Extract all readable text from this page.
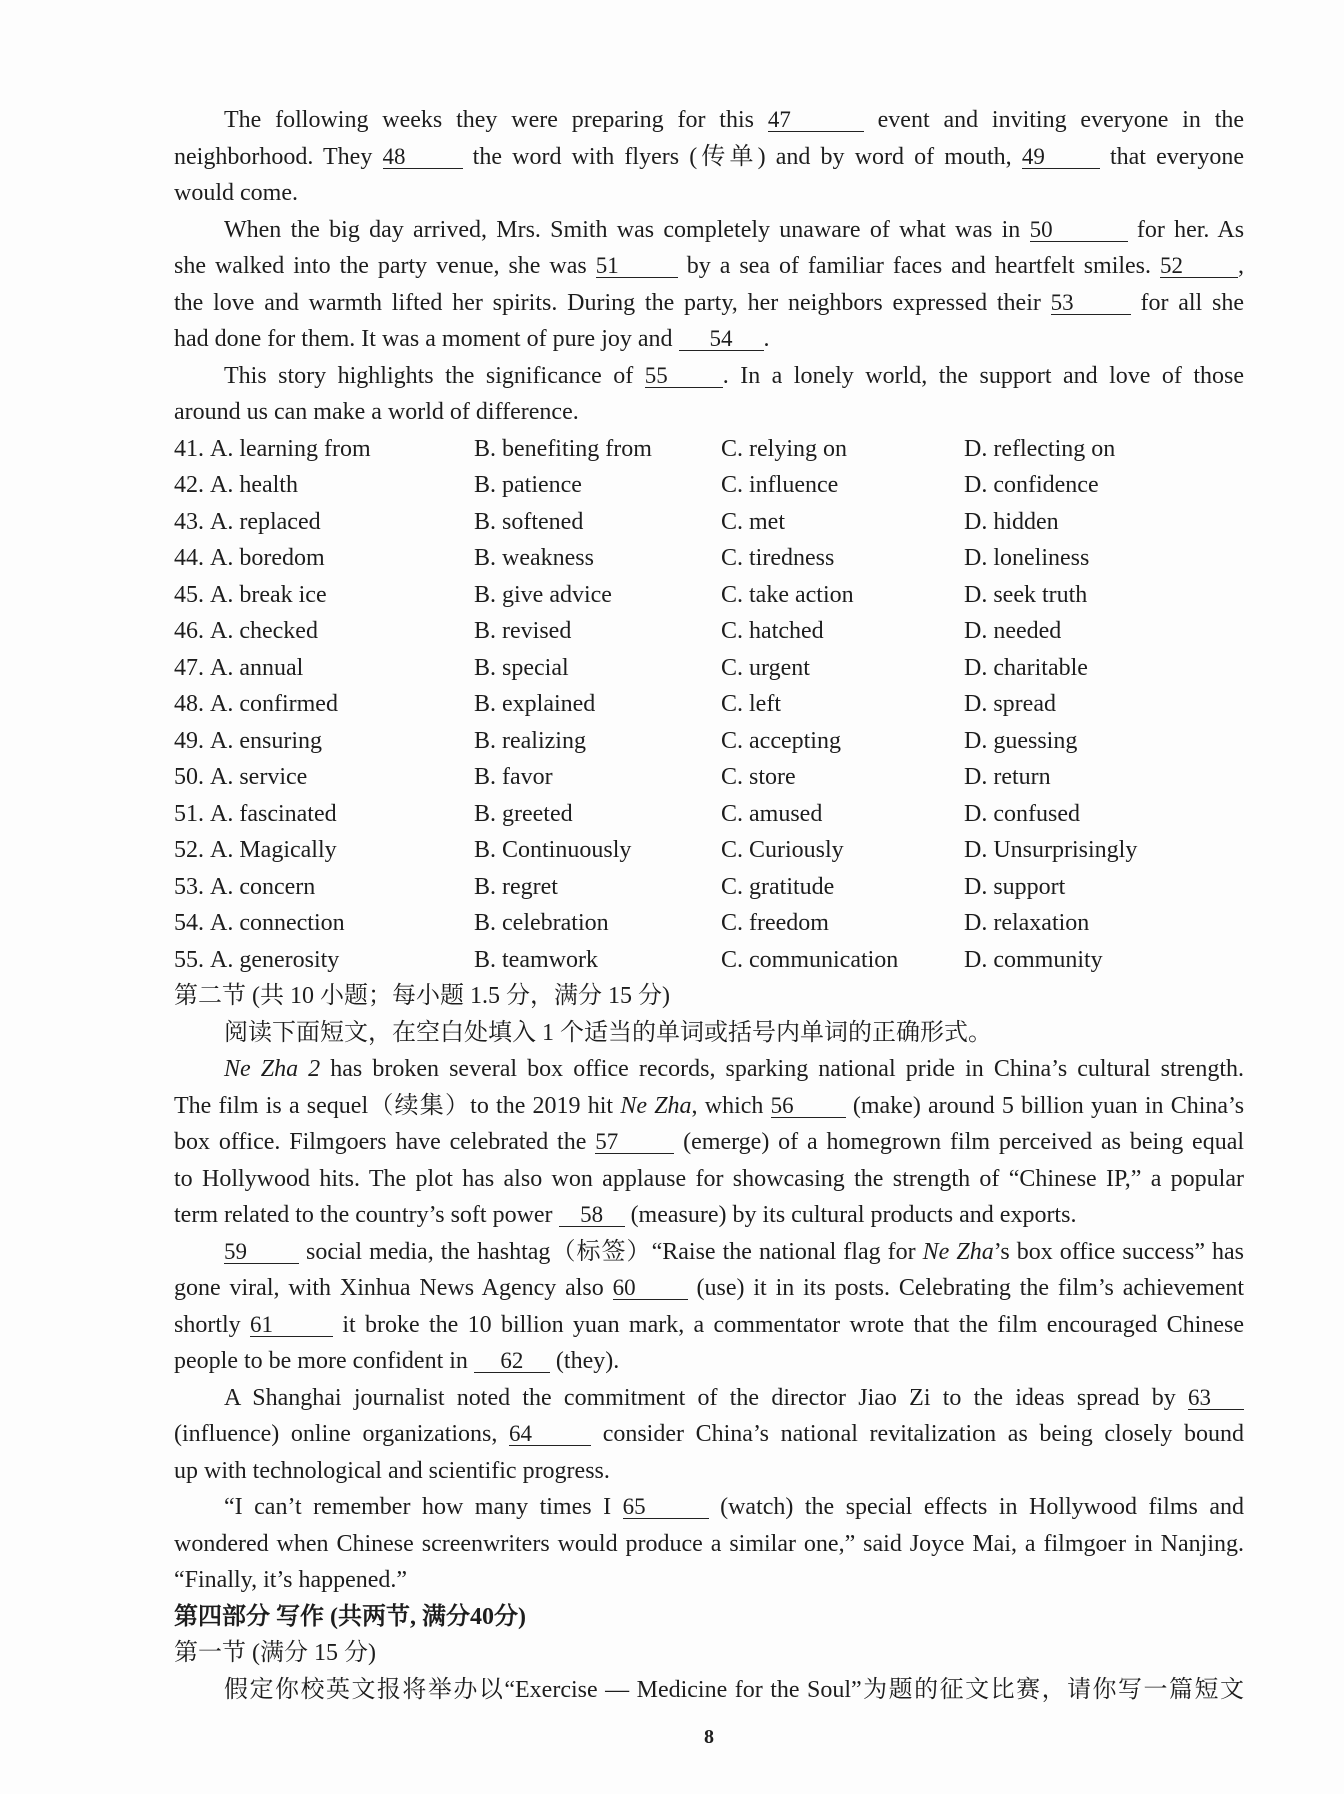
The following weeks they were preparing for this 47	event and inviting everyone in the
neighborhood. They 48	the word with flyers (传单) and by word of mouth, 49	that everyone
would come.
When the big day arrived, Mrs. Smith was completely unaware of what was in 50	for her. As
she walked into the party venue, she was 51	by a sea of familiar faces and heartfelt smiles. 52 ,
the love and warmth lifted her spirits. During the party, her neighbors expressed their 53	for all she
had done for them. It was a moment of pure joy and 54 .
This story highlights the significance of 55 . In a lonely world, the support and love of those
around us can make a world of difference.
41. A. learning from	B. benefiting from	C. relying on	D. reflecting on
42. A. health	B. patience	C. influence	D. confidence
43. A. replaced	B. softened	C. met	D. hidden
44. A. boredom	B. weakness	C. tiredness	D. loneliness
45. A. break ice	B. give advice	C. take action	D. seek truth
46. A. checked	B. revised	C. hatched	D. needed
47. A. annual	B. special	C. urgent	D. charitable
48. A. confirmed	B. explained	C. left	D. spread
49. A. ensuring	B. realizing	C. accepting	D. guessing
50. A. service	B. favor	C. store	D. return
51. A. fascinated	B. greeted	C. amused	D. confused
52. A. Magically	B. Continuously	C. Curiously	D. Unsurprisingly
53. A. concern	B. regret	C. gratitude	D. support
54. A. connection	B. celebration	C. freedom	D. relaxation
55. A. generosity	B. teamwork	C. communication	D. community
第二节 (共 10 小题；每小题 1.5 分，满分 15 分)
阅读下面短文，在空白处填入 1 个适当的单词或括号内单词的正确形式。
Ne Zha 2 has broken several box office records, sparking national pride in China’s cultural strength.
The film is a sequel（续集）to the 2019 hit Ne Zha, which 56 (make) around 5 billion yuan in China’s
box office. Filmgoers have celebrated the 57	(emerge) of a homegrown film perceived as being equal
to Hollywood hits. The plot has also won applause for showcasing the strength of “Chinese IP,” a popular
term related to the country’s soft power 58 (measure) by its cultural products and exports.
59 social media, the hashtag（标签）“Raise the national flag for Ne Zha’s box office success” has
gone viral, with Xinhua News Agency also 60	(use) it in its posts. Celebrating the film’s achievement
shortly 61	it broke the 10 billion yuan mark, a commentator wrote that the film encouraged Chinese
people to be more confident in 62 (they).
A Shanghai journalist noted the commitment of the director Jiao Zi to the ideas spread by 63
(influence) online organizations, 64	consider China’s national revitalization as being closely bound
up with technological and scientific progress.
“I can’t remember how many times I 65	(watch) the special effects in Hollywood films and
wondered when Chinese screenwriters would produce a similar one,” said Joyce Mai, a filmgoer in Nanjing.
“Finally, it’s happened.”
第四部分 写作 (共两节, 满分40分)
第一节 (满分 15 分)
假定你校英文报将举办以“Exercise — Medicine for the Soul”为题的征文比赛，请你写一篇短文
8
